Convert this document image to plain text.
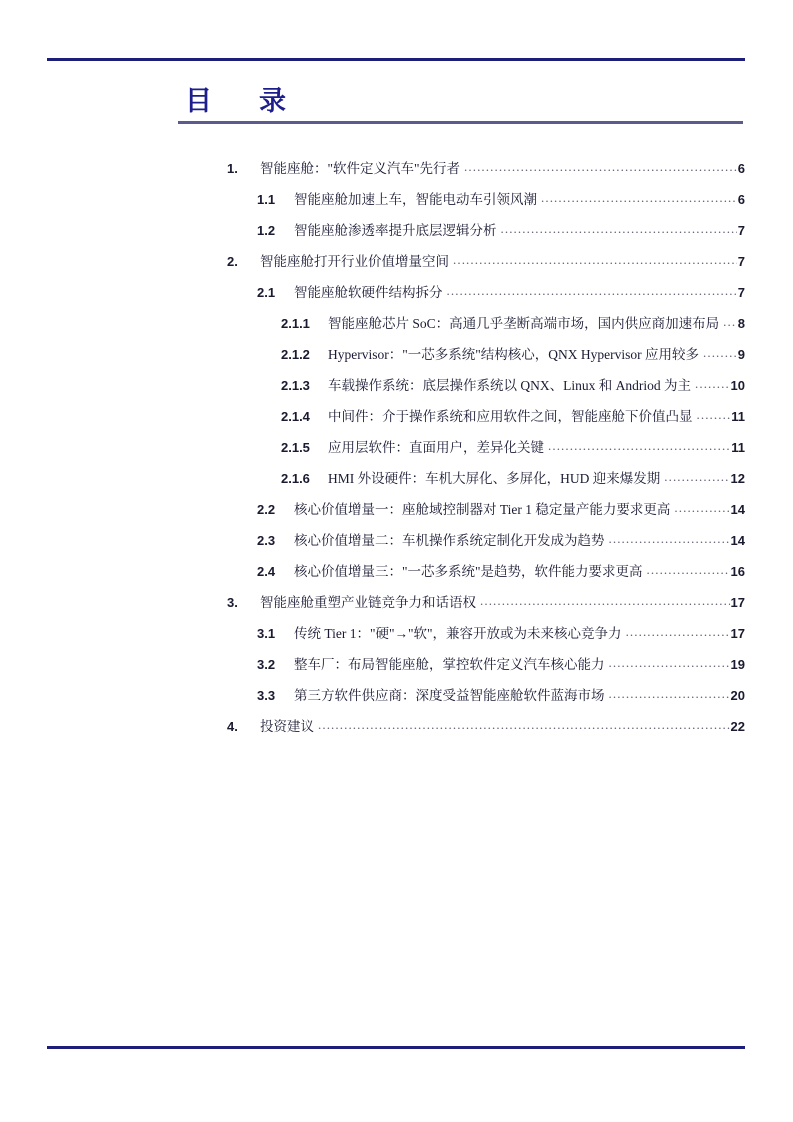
目　录
1.	智能座舱："软件定义汽车"先行者 .....	6
1.1	智能座舱加速上车，智能电动车引领风潮 .....	6
1.2	智能座舱渗透率提升底层逻辑分析 .....	7
2.	智能座舱打开行业价值增量空间 .....	7
2.1	智能座舱软硬件结构拆分 .....	7
2.1.1	智能座舱芯片 SoC：高通几乎垄断高端市场，国内供应商加速布局 .....	8
2.1.2	Hypervisor："一芯多系统"结构核心，QNX Hypervisor 应用较多 .....	9
2.1.3	车载操作系统：底层操作系统以 QNX、Linux 和 Andriod 为主 .....	10
2.1.4	中间件：介于操作系统和应用软件之间，智能座舱下价值凸显 .....	11
2.1.5	应用层软件：直面用户，差异化关键 .....	11
2.1.6	HMI 外设硬件：车机大屏化、多屏化，HUD 迎来爆发期 .....	12
2.2	核心价值增量一：座舱域控制器对 Tier 1 稳定量产能力要求更高 .....	14
2.3	核心价值增量二：车机操作系统定制化开发成为趋势 .....	14
2.4	核心价值增量三："一芯多系统"是趋势，软件能力要求更高 .....	16
3.	智能座舱重塑产业链竞争力和话语权 .....	17
3.1	传统 Tier 1："硬"→"软"，兼容开放或为未来核心竞争力 .....	17
3.2	整车厂：布局智能座舱，掌控软件定义汽车核心能力 .....	19
3.3	第三方软件供应商：深度受益智能座舱软件蓝海市场 .....	20
4.	投资建议 .....	22
